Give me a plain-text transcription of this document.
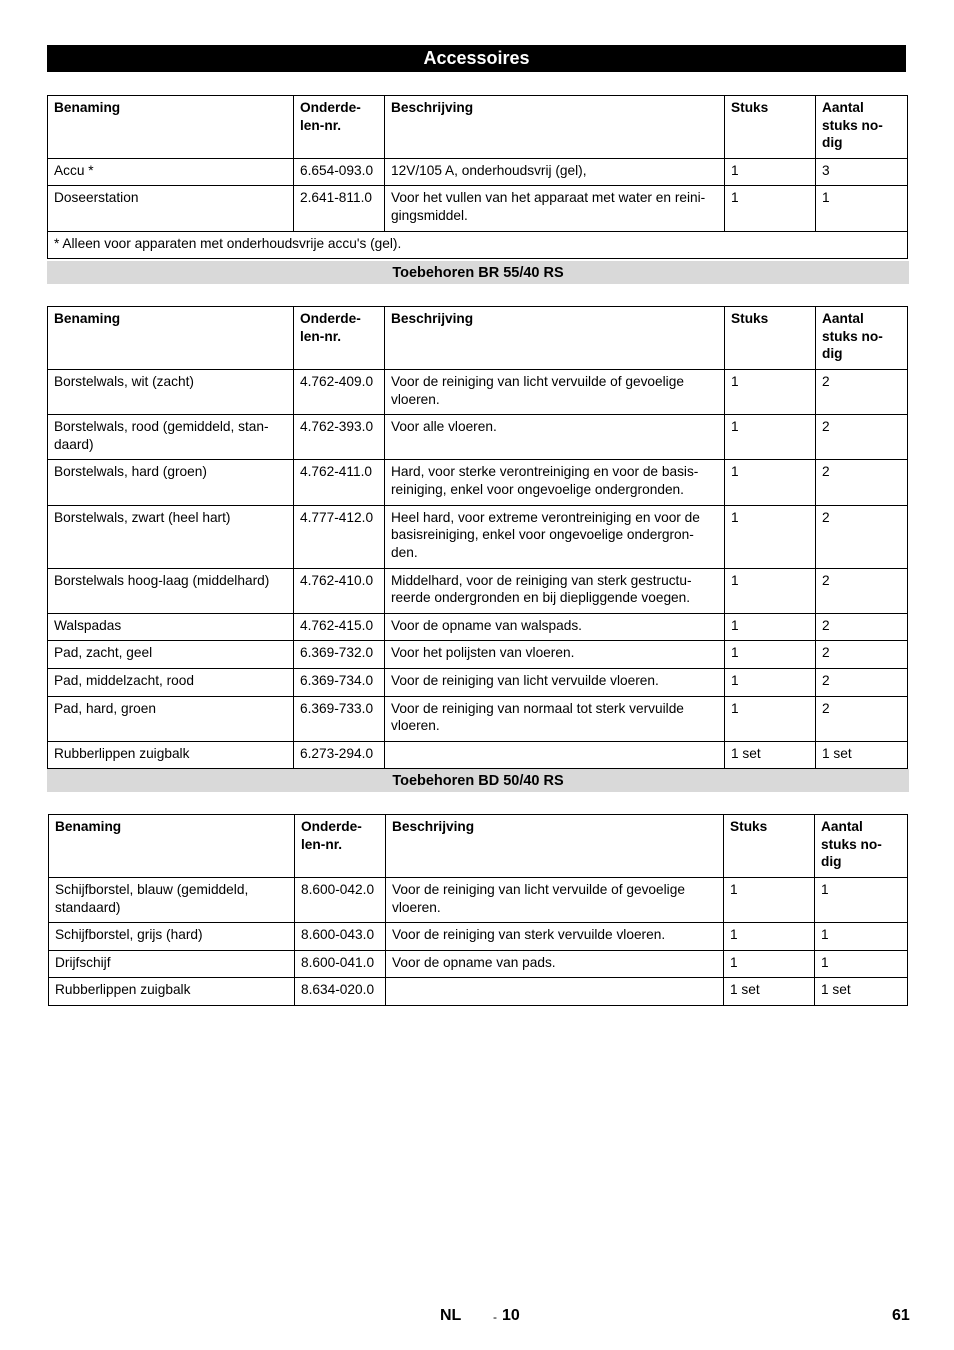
Accessoires
Benaming	Onderde-len-nr.	Beschrijving	Stuks	Aantal stuks no-dig
Accu *	6.654-093.0	12V/105 A, onderhoudsvrij (gel),	1	3
Doseerstation	2.641-811.0	Voor het vullen van het apparaat met water en reini-gingsmiddel.	1	1
* Alleen voor apparaten met onderhoudsvrije accu's (gel).				
Toebehoren BR 55/40 RS
Benaming	Onderde-len-nr.	Beschrijving	Stuks	Aantal stuks no-dig
Borstelwals, wit (zacht)	4.762-409.0	Voor de reiniging van licht vervuilde of gevoelige vloeren.	1	2
Borstelwals, rood (gemiddeld, stan-daard)	4.762-393.0	Voor alle vloeren.	1	2
Borstelwals, hard (groen)	4.762-411.0	Hard, voor sterke verontreiniging en voor de basis-reiniging, enkel voor ongevoelige ondergronden.	1	2
Borstelwals, zwart (heel hart)	4.777-412.0	Heel hard, voor extreme verontreiniging en voor de basisreiniging, enkel voor ongevoelige ondergron-den.	1	2
Borstelwals hoog-laag (middelhard)	4.762-410.0	Middelhard, voor de reiniging van sterk gestructu-reerde ondergronden en bij diepliggende voegen.	1	2
Walspadas	4.762-415.0	Voor de opname van walspads.	1	2
Pad, zacht, geel	6.369-732.0	Voor het polijsten van vloeren.	1	2
Pad, middelzacht, rood	6.369-734.0	Voor de reiniging van licht vervuilde vloeren.	1	2
Pad, hard, groen	6.369-733.0	Voor de reiniging van normaal tot sterk vervuilde vloeren.	1	2
Rubberlippen zuigbalk	6.273-294.0		1 set	1 set
Toebehoren BD 50/40 RS
Benaming	Onderde-len-nr.	Beschrijving	Stuks	Aantal stuks no-dig
Schijfborstel, blauw (gemiddeld, standaard)	8.600-042.0	Voor de reiniging van licht vervuilde of gevoelige vloeren.	1	1
Schijfborstel, grijs (hard)	8.600-043.0	Voor de reiniging van sterk vervuilde vloeren.	1	1
Drijfschijf	8.600-041.0	Voor de opname van pads.	1	1
Rubberlippen zuigbalk	8.634-020.0		1 set	1 set
NL	- 10	61
